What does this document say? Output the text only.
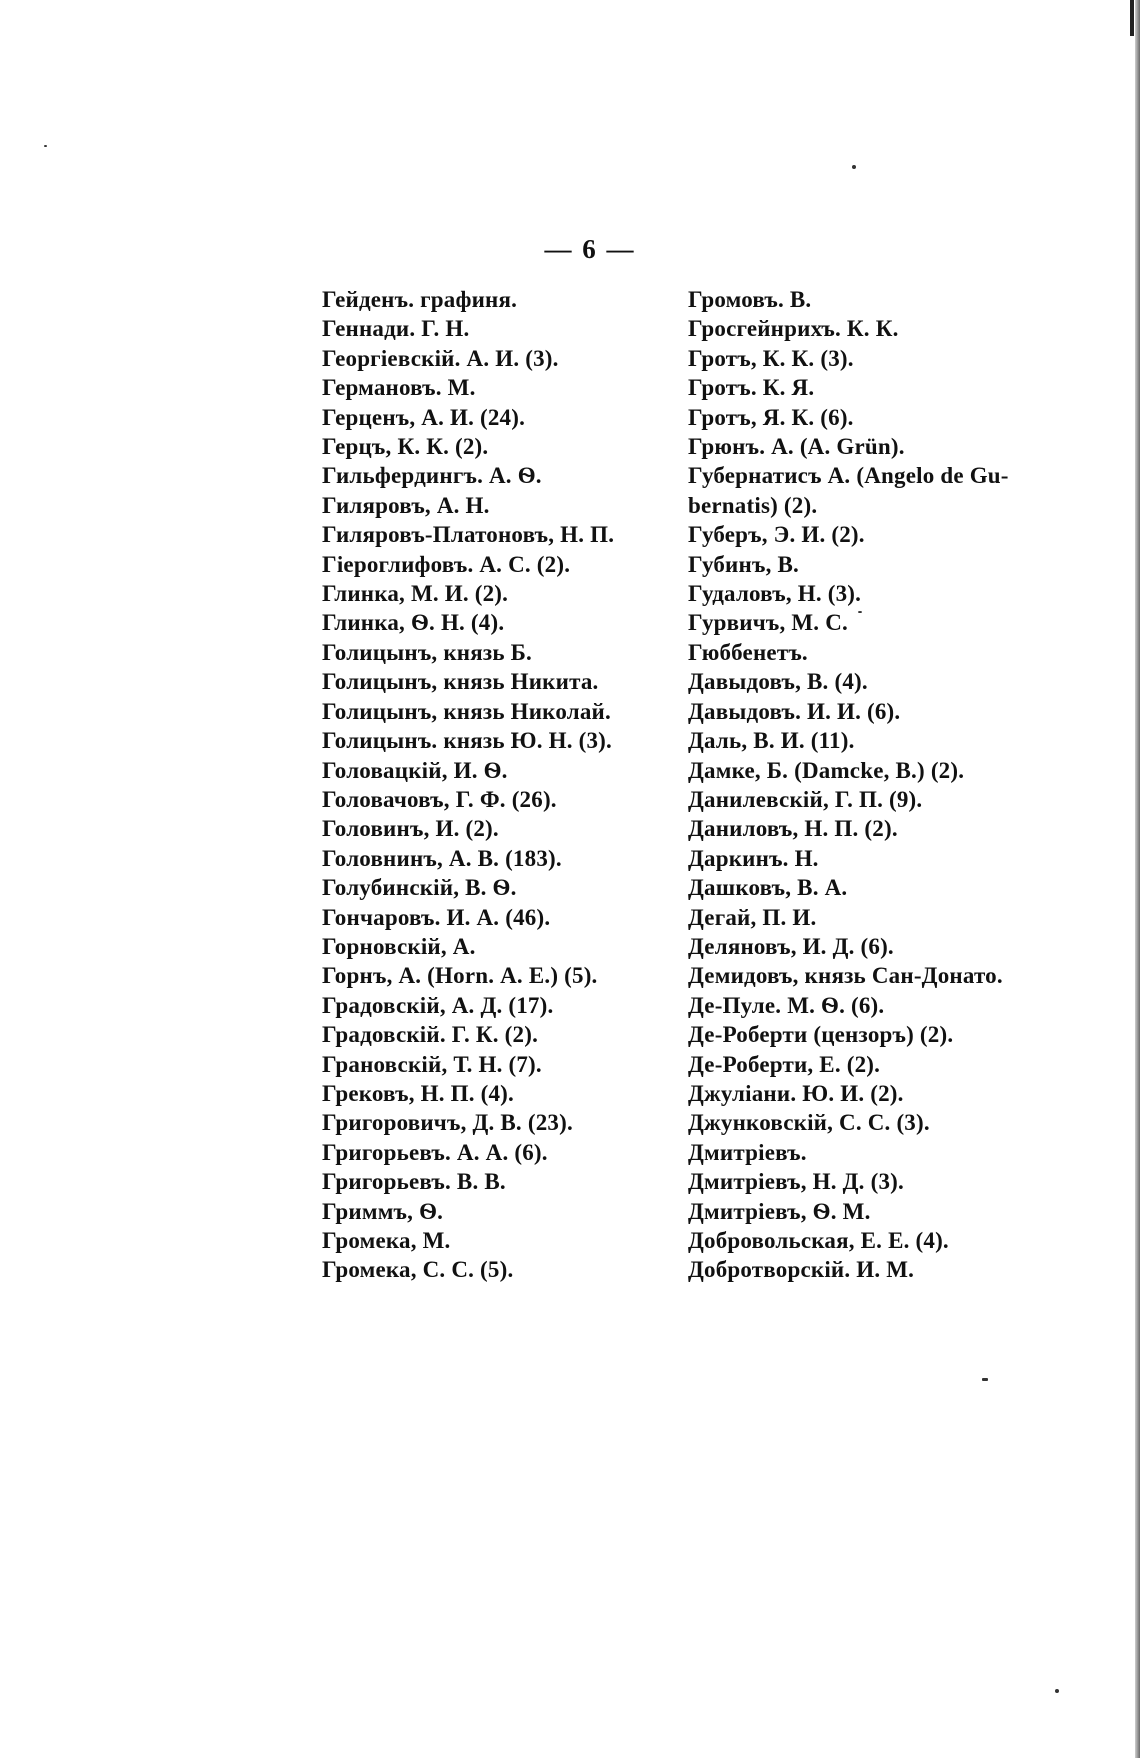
— 6 —
Гейденъ. графиня.
Геннади. Г. Н.
Георгіевскій. А. И. (3).
Германовъ. М.
Герценъ, А. И. (24).
Герцъ, К. К. (2).
Гильфердингъ. А. Ѳ.
Гиляровъ, А. Н.
Гиляровъ-Платоновъ, Н. П.
Гіероглифовъ. А. С. (2).
Глинка, М. И. (2).
Глинка, Ѳ. Н. (4).
Голицынъ, князь Б.
Голицынъ, князь Никита.
Голицынъ, князь Николай.
Голицынъ. князь Ю. Н. (3).
Головацкій, И. Ѳ.
Головачовъ, Г. Ф. (26).
Головинъ, И. (2).
Головнинъ, А. В. (183).
Голубинскій, В. Ѳ.
Гончаровъ. И. А. (46).
Горновскій, А.
Горнъ, А. (Horn. А. Е.) (5).
Градовскій, А. Д. (17).
Градовскій. Г. К. (2).
Грановскій, Т. Н. (7).
Грековъ, Н. П. (4).
Григоровичъ, Д. В. (23).
Григорьевъ. А. А. (6).
Григорьевъ. В. В.
Гриммъ, Ѳ.
Громека, М.
Громека, С. С. (5).
Громовъ. В.
Гросгейнрихъ. К. К.
Гротъ, К. К. (3).
Гротъ. К. Я.
Гротъ, Я. К. (6).
Грюнъ. А. (A. Grün).
Губернатисъ А. (Angelo de Gu-
bernatis) (2).
Губеръ, Э. И. (2).
Губинъ, В.
Гудаловъ, Н. (3).
Гурвичъ, М. С.
Гюббенетъ.
Давыдовъ, В. (4).
Давыдовъ. И. И. (6).
Даль, В. И. (11).
Дамке, Б. (Damcke, B.) (2).
Данилевскій, Г. П. (9).
Даниловъ, Н. П. (2).
Даркинъ. Н.
Дашковъ, В. А.
Дегай, П. И.
Деляновъ, И. Д. (6).
Демидовъ, князь Сан-Донато.
Де-Пуле. М. Ѳ. (6).
Де-Роберти (цензоръ) (2).
Де-Роберти, Е. (2).
Джуліани. Ю. И. (2).
Джунковскій, С. С. (3).
Дмитріевъ.
Дмитріевъ, Н. Д. (3).
Дмитріевъ, Ѳ. М.
Добровольская, Е. Е. (4).
Добротворскій. И. М.
